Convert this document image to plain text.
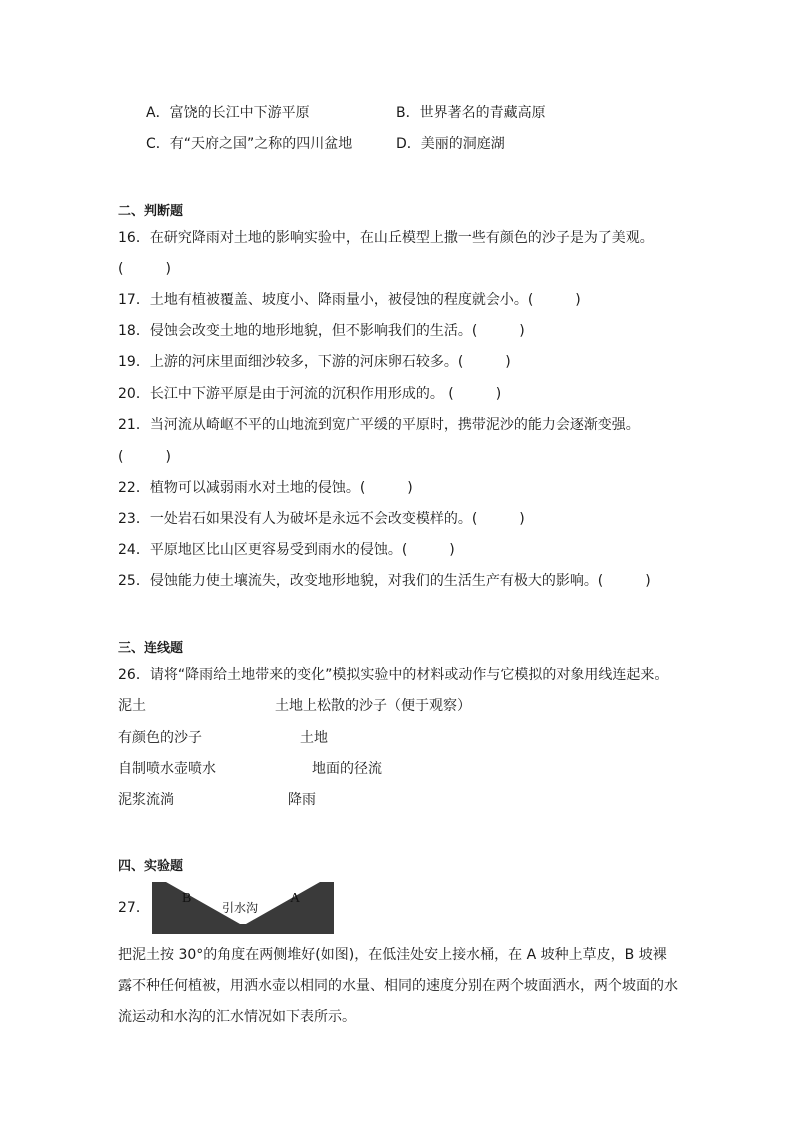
A．富饶的长江中下游平原	B．世界著名的青藏高原
C．有“天府之国”之称的四川盆地	D．美丽的洞庭湖
二、判断题
16．在研究降雨对土地的影响实验中，在山丘模型上撒一些有颜色的沙子是为了美观。
(　　　)
17．土地有植被覆盖、坡度小、降雨量小，被侵蚀的程度就会小。(　　　)
18．侵蚀会改变土地的地形地貌，但不影响我们的生活。(　　　)
19．上游的河床里面细沙较多，下游的河床卵石较多。(　　　)
20．长江中下游平原是由于河流的沉积作用形成的。 (　　　)
21．当河流从崎岖不平的山地流到宽广平缓的平原时，携带泥沙的能力会逐渐变强。
(　　　)
22．植物可以减弱雨水对土地的侵蚀。(　　　)
23．一处岩石如果没有人为破坏是永远不会改变模样的。(　　　)
24．平原地区比山区更容易受到雨水的侵蚀。(　　　)
25．侵蚀能力使土壤流失，改变地形地貌，对我们的生活生产有极大的影响。(　　　)
三、连线题
26．请将“降雨给土地带来的变化”模拟实验中的材料或动作与它模拟的对象用线连起来。
泥土	土地上松散的沙子（便于观察）
有颜色的沙子	土地
自制喷水壶喷水	地面的径流
泥浆流淌	降雨
四、实验题
27．
B	A
引水沟
把泥土按 30°的角度在两侧堆好(如图)，在低洼处安上接水桶，在 A 坡种上草皮，B 坡裸露不种任何植被，用洒水壶以相同的水量、相同的速度分别在两个坡面洒水，两个坡面的水流运动和水沟的汇水情况如下表所示。
